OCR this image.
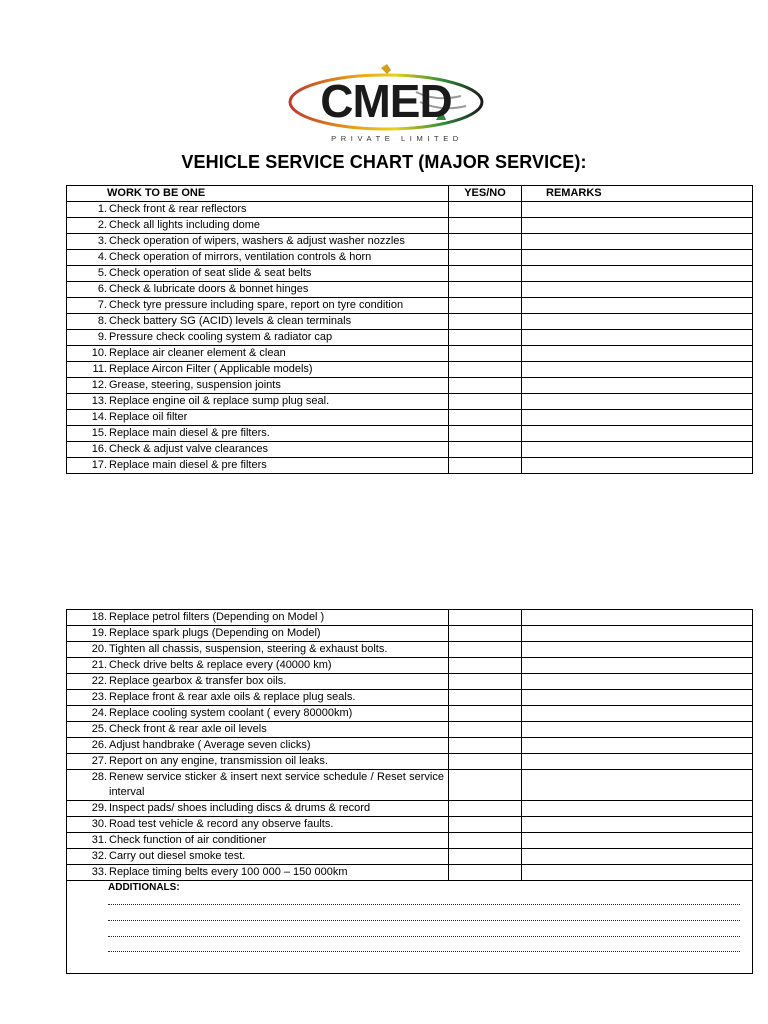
CMED
PRIVATE LIMITED
VEHICLE SERVICE CHART (MAJOR SERVICE):
WORK TO BE ONE	YES/NO	REMARKS

1. Check front & rear reflectors		

2. Check all lights including dome		

3. Check operation of wipers, washers & adjust washer nozzles		

4. Check operation of mirrors, ventilation controls & horn		

5. Check operation of seat slide & seat belts		

6. Check & lubricate doors & bonnet hinges		

7. Check tyre pressure including spare, report on tyre condition		

8. Check battery SG (ACID) levels & clean terminals		

9. Pressure check cooling system & radiator cap		

10. Replace air cleaner element & clean		

11. Replace Aircon Filter ( Applicable models)		

12. Grease, steering, suspension joints		

13. Replace engine oil & replace sump plug seal.		

14. Replace oil filter		

15. Replace main diesel & pre filters.		

16. Check & adjust valve clearances		

17. Replace main diesel & pre filters		

18. Replace petrol filters (Depending on Model )		

19. Replace spark plugs (Depending on Model)		

20. Tighten all chassis, suspension, steering & exhaust bolts.		

21. Check drive belts & replace every (40000 km)		

22. Replace gearbox & transfer box oils.		

23. Replace front & rear axle oils & replace plug seals.		

24. Replace cooling system coolant ( every 80000km)		

25. Check front & rear axle oil levels		

26. Adjust handbrake ( Average seven clicks)		

27. Report on any engine, transmission oil leaks.		

28. Renew service sticker & insert next service schedule / Reset service interval		

29. Inspect pads/ shoes including discs & drums & record		

30. Road test vehicle & record any observe faults.		

31. Check function of air conditioner		

32. Carry out diesel smoke test.		

33. Replace timing belts every 100 000 – 150 000km		

ADDITIONALS:
